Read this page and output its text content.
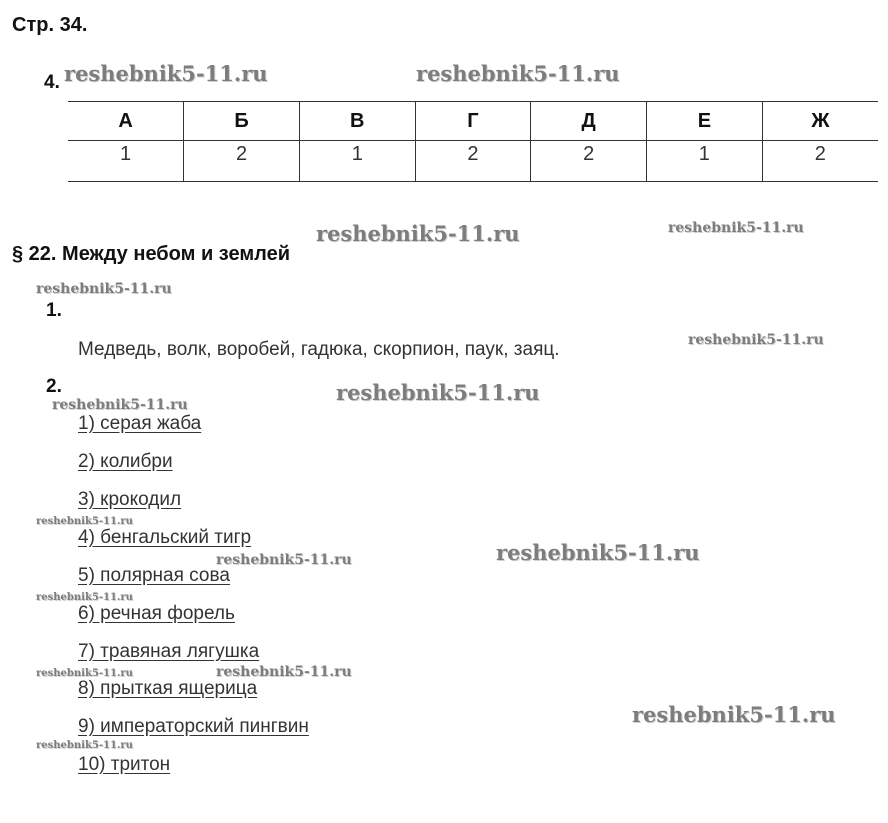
Стр. 34.
4.
А	Б	В	Г	Д	Е	Ж
1	2	1	2	2	1	2
§ 22. Между небом и землей
1.
Медведь, волк, воробей, гадюка, скорпион, паук, заяц.
2.
1) серая жаба
2) колибри
3) крокодил
4) бенгальский тигр
5) полярная сова
6) речная форель
7) травяная лягушка
8) прыткая ящерица
9) императорский пингвин
10) тритон
reshebnik5-11.ru	reshebnik5-11.ru
reshebnik5-11.ru	reshebnik5-11.ru
reshebnik5-11.ru
reshebnik5-11.ru
reshebnik5-11.ru
reshebnik5-11.ru
reshebnik5-11.ru
reshebnik5-11.ru
reshebnik5-11.ru
reshebnik5-11.ru
reshebnik5-11.ru
reshebnik5-11.ru
reshebnik5-11.ru
reshebnik5-11.ru
